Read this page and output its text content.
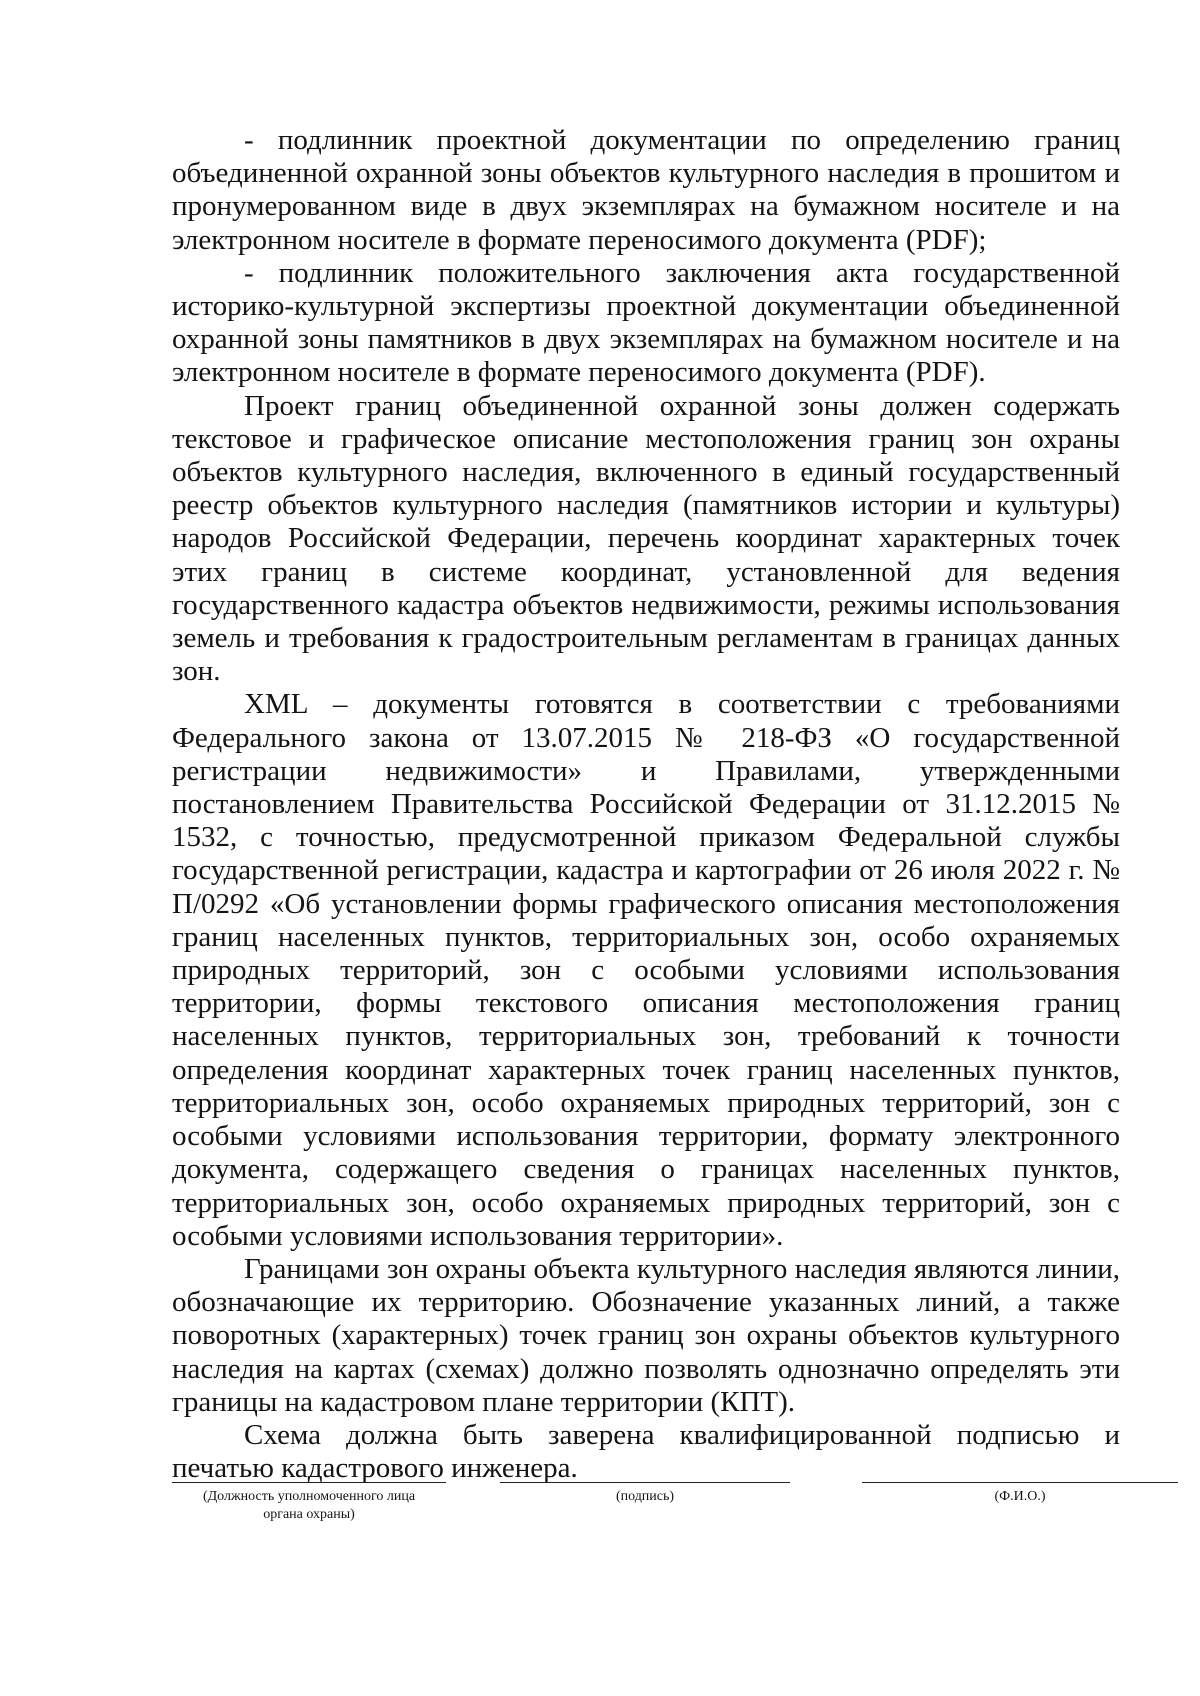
- подлинник проектной документации по определению границ объединенной охранной зоны объектов культурного наследия в прошитом и пронумерованном виде в двух экземплярах на бумажном носителе и на электронном носителе в формате переносимого документа (PDF);

- подлинник положительного заключения акта государственной историко-культурной экспертизы проектной документации объединенной охранной зоны памятников в двух экземплярах на бумажном носителе и на электронном носителе в формате переносимого документа (PDF).

Проект границ объединенной охранной зоны должен содержать текстовое и графическое описание местоположения границ зон охраны объектов культурного наследия, включенного в единый государственный реестр объектов культурного наследия (памятников истории и культуры) народов Российской Федерации, перечень координат характерных точек этих границ в системе координат, установленной для ведения государственного кадастра объектов недвижимости, режимы использования земель и требования к градостроительным регламентам в границах данных зон.

XML – документы готовятся в соответствии с требованиями Федерального закона от 13.07.2015 № 218-ФЗ «О государственной регистрации недвижимости» и Правилами, утвержденными постановлением Правительства Российской Федерации от 31.12.2015 № 1532, с точностью, предусмотренной приказом Федеральной службы государственной регистрации, кадастра и картографии от 26 июля 2022 г. № П/0292 «Об установлении формы графического описания местоположения границ населенных пунктов, территориальных зон, особо охраняемых природных территорий, зон с особыми условиями использования территории, формы текстового описания местоположения границ населенных пунктов, территориальных зон, требований к точности определения координат характерных точек границ населенных пунктов, территориальных зон, особо охраняемых природных территорий, зон с особыми условиями использования территории, формату электронного документа, содержащего сведения о границах населенных пунктов, территориальных зон, особо охраняемых природных территорий, зон с особыми условиями использования территории».

Границами зон охраны объекта культурного наследия являются линии, обозначающие их территорию. Обозначение указанных линий, а также поворотных (характерных) точек границ зон охраны объектов культурного наследия на картах (схемах) должно позволять однозначно определять эти границы на кадастровом плане территории (КПТ).

Схема должна быть заверена квалифицированной подписью и печатью кадастрового инженера.

(Должность уполномоченного лица
органа охраны)
(подпись)	(Ф.И.О.)
